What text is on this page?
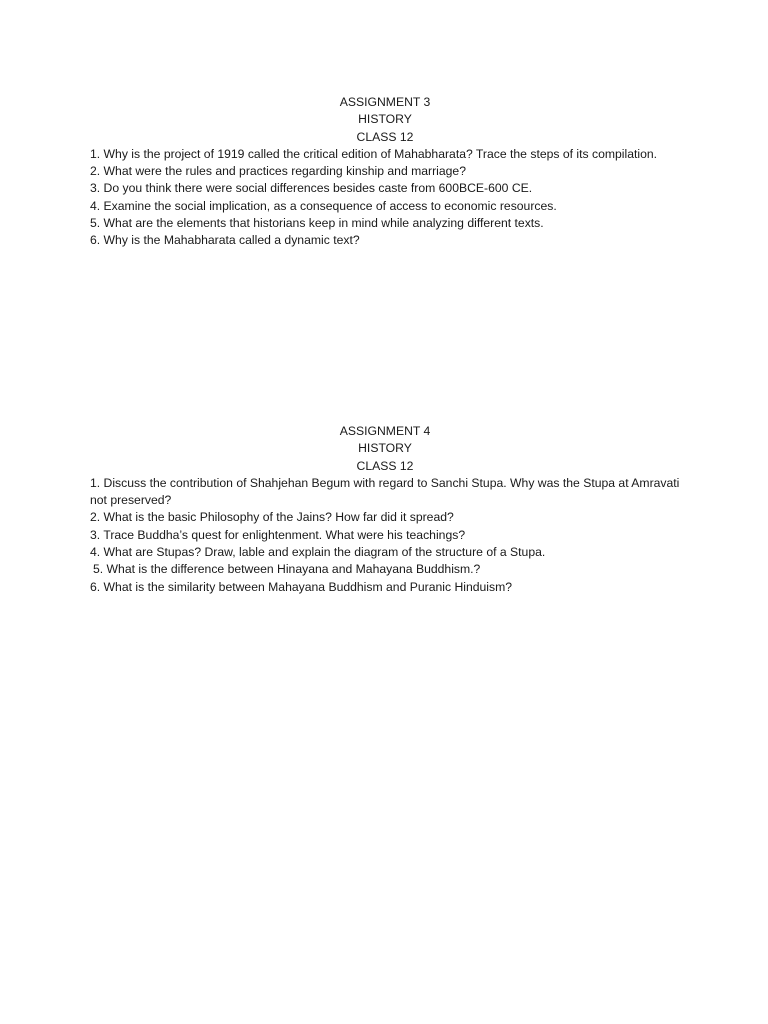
ASSIGNMENT 3

HISTORY

CLASS 12

1. Why is the project of 1919 called the critical edition of Mahabharata? Trace the steps of its compilation.

2. What were the rules and practices regarding kinship and marriage?

3. Do you think there were social differences besides caste from 600BCE-600 CE.

4. Examine the social implication, as a consequence of access to economic resources.

5. What are the elements that historians keep in mind while analyzing different texts.

6. Why is the Mahabharata called a dynamic text?

ASSIGNMENT 4

HISTORY

CLASS 12

1. Discuss the contribution of Shahjehan Begum with regard to Sanchi Stupa. Why was the Stupa at Amravati not preserved?

2. What is the basic Philosophy of the Jains? How far did it spread?

3. Trace Buddha’s quest for enlightenment. What were his teachings?

4. What are Stupas? Draw, lable and explain the diagram of the structure of a Stupa.

5. What is the difference between Hinayana and Mahayana Buddhism.?

6. What is the similarity between Mahayana Buddhism and Puranic Hinduism?
